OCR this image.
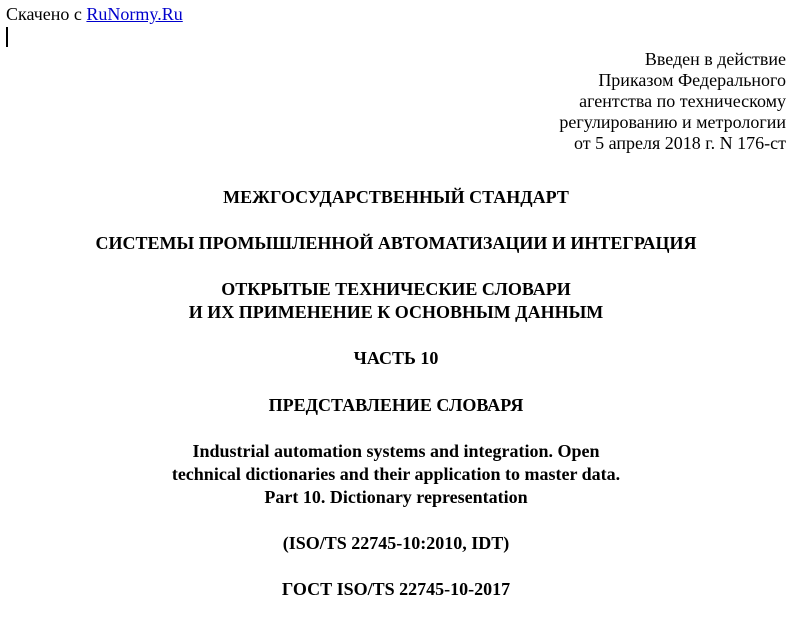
Скачено с RuNormy.Ru
Введен в действие
Приказом Федерального
агентства по техническому
регулированию и метрологии
от 5 апреля 2018 г. N 176-ст
МЕЖГОСУДАРСТВЕННЫЙ СТАНДАРТ
СИСТЕМЫ ПРОМЫШЛЕННОЙ АВТОМАТИЗАЦИИ И ИНТЕГРАЦИЯ
ОТКРЫТЫЕ ТЕХНИЧЕСКИЕ СЛОВАРИ
И ИХ ПРИМЕНЕНИЕ К ОСНОВНЫМ ДАННЫМ
ЧАСТЬ 10
ПРЕДСТАВЛЕНИЕ СЛОВАРЯ
Industrial automation systems and integration. Open
technical dictionaries and their application to master data.
Part 10. Dictionary representation
(ISO/TS 22745-10:2010, IDT)
ГОСТ ISO/TS 22745-10-2017
